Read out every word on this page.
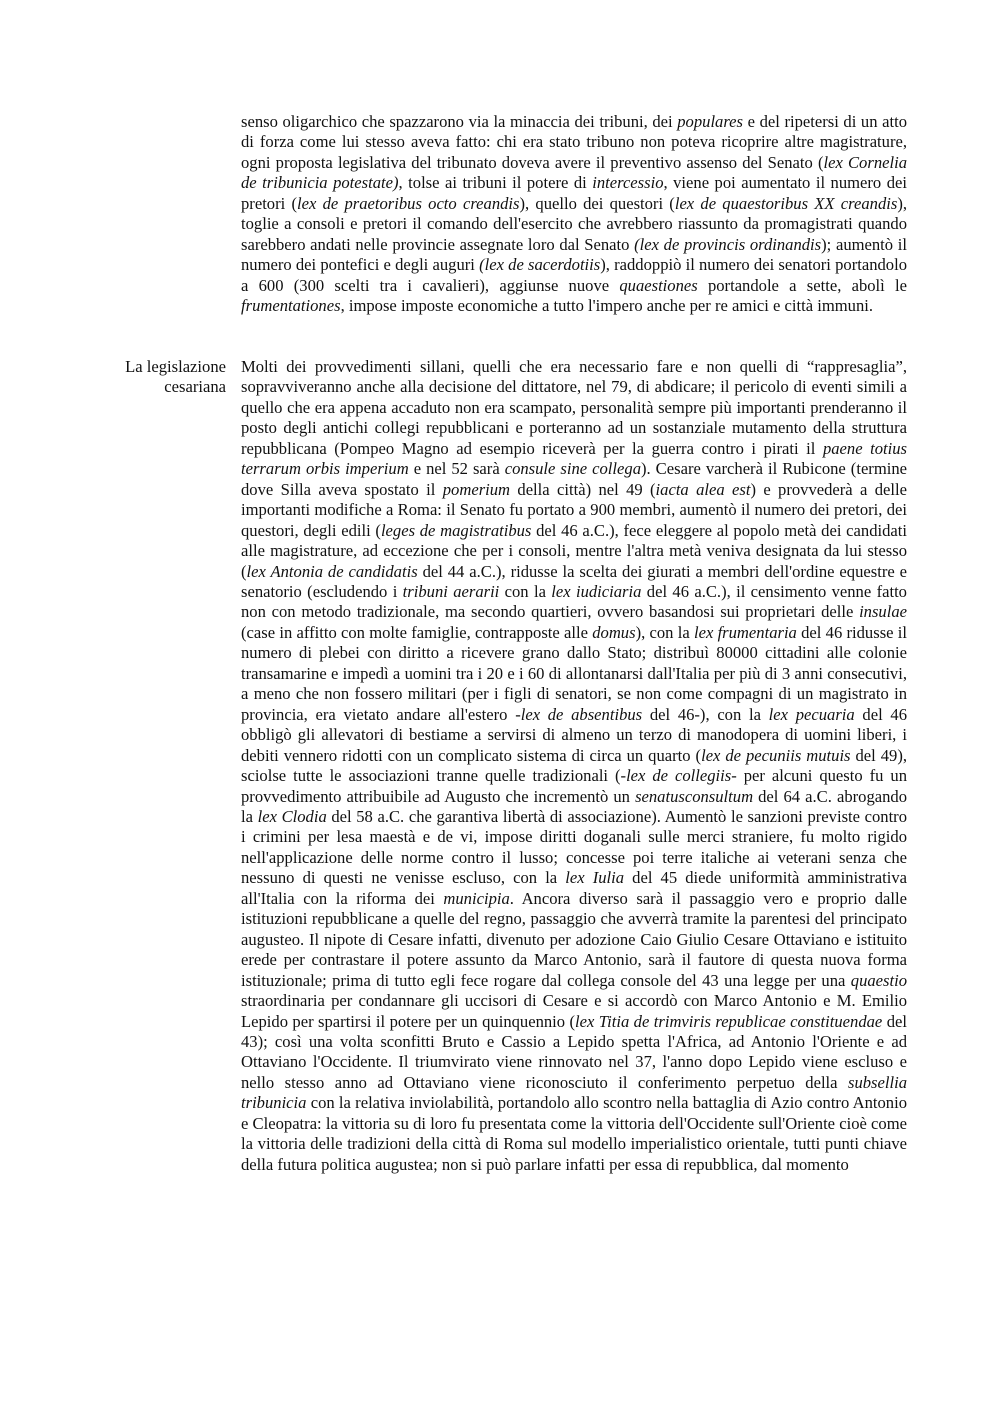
La legislazione
cesariana

senso oligarchico che spazzarono via la minaccia dei tribuni, dei populares e del ripetersi di un atto di forza come lui stesso aveva fatto: chi era stato tribuno non poteva ricoprire altre magistrature, ogni proposta legislativa del tribunato doveva avere il preventivo assenso del Senato (lex Cornelia de tribunicia potestate), tolse ai tribuni il potere di intercessio, viene poi aumentato il numero dei pretori (lex de praetoribus octo creandis), quello dei questori (lex de quaestoribus XX creandis), toglie a consoli e pretori il comando dell'esercito che avrebbero riassunto da promagistrati quando sarebbero andati nelle provincie assegnate loro dal Senato (lex de provincis ordinandis); aumentò il numero dei pontefici e degli auguri (lex de sacerdotiis), raddoppiò il numero dei senatori portandolo a 600 (300 scelti tra i cavalieri), aggiunse nuove quaestiones portandole a sette, abolì le frumentationes, impose imposte economiche a tutto l'impero anche per re amici e città immuni.

Molti dei provvedimenti sillani, quelli che era necessario fare e non quelli di “rappresaglia”, sopravviveranno anche alla decisione del dittatore, nel 79, di abdicare; il pericolo di eventi simili a quello che era appena accaduto non era scampato, personalità sempre più importanti prenderanno il posto degli antichi collegi repubblicani e porteranno ad un sostanziale mutamento della struttura repubblicana (Pompeo Magno ad esempio riceverà per la guerra contro i pirati il paene totius terrarum orbis imperium e nel 52 sarà consule sine collega). Cesare varcherà il Rubicone (termine dove Silla aveva spostato il pomerium della città) nel 49 (iacta alea est) e provvederà a delle importanti modifiche a Roma: il Senato fu portato a 900 membri, aumentò il numero dei pretori, dei questori, degli edili (leges de magistratibus del 46 a.C.), fece eleggere al popolo metà dei candidati alle magistrature, ad eccezione che per i consoli, mentre l'altra metà veniva designata da lui stesso (lex Antonia de candidatis del 44 a.C.), ridusse la scelta dei giurati a membri dell'ordine equestre e senatorio (escludendo i tribuni aerarii con la lex iudiciaria del 46 a.C.), il censimento venne fatto non con metodo tradizionale, ma secondo quartieri, ovvero basandosi sui proprietari delle insulae (case in affitto con molte famiglie, contrapposte alle domus), con la lex frumentaria del 46 ridusse il numero di plebei con diritto a ricevere grano dallo Stato; distribuì 80000 cittadini alle colonie transamarine e impedì a uomini tra i 20 e i 60 di allontanarsi dall'Italia per più di 3 anni consecutivi, a meno che non fossero militari (per i figli di senatori, se non come compagni di un magistrato in provincia, era vietato andare all'estero -lex de absentibus del 46-), con la lex pecuaria del 46 obbligò gli allevatori di bestiame a servirsi di almeno un terzo di manodopera di uomini liberi, i debiti vennero ridotti con un complicato sistema di circa un quarto (lex de pecuniis mutuis del 49), sciolse tutte le associazioni tranne quelle tradizionali (-lex de collegiis- per alcuni questo fu un provvedimento attribuibile ad Augusto che incrementò un senatusconsultum del 64 a.C. abrogando la lex Clodia del 58 a.C. che garantiva libertà di associazione). Aumentò le sanzioni previste contro i crimini per lesa maestà e de vi, impose diritti doganali sulle merci straniere, fu molto rigido nell'applicazione delle norme contro il lusso; concesse poi terre italiche ai veterani senza che nessuno di questi ne venisse escluso, con la lex Iulia del 45 diede uniformità amministrativa all'Italia con la riforma dei municipia. Ancora diverso sarà il passaggio vero e proprio dalle istituzioni repubblicane a quelle del regno, passaggio che avverrà tramite la parentesi del principato augusteo. Il nipote di Cesare infatti, divenuto per adozione Caio Giulio Cesare Ottaviano e istituito erede per contrastare il potere assunto da Marco Antonio, sarà il fautore di questa nuova forma istituzionale; prima di tutto egli fece rogare dal collega console del 43 una legge per una quaestio straordinaria per condannare gli uccisori di Cesare e si accordò con Marco Antonio e M. Emilio Lepido per spartirsi il potere per un quinquennio (lex Titia de trimviris republicae constituendae del 43); così una volta sconfitti Bruto e Cassio a Lepido spetta l'Africa, ad Antonio l'Oriente e ad Ottaviano l'Occidente. Il triumvirato viene rinnovato nel 37, l'anno dopo Lepido viene escluso e nello stesso anno ad Ottaviano viene riconosciuto il conferimento perpetuo della subsellia tribunicia con la relativa inviolabilità, portandolo allo scontro nella battaglia di Azio contro Antonio e Cleopatra: la vittoria su di loro fu presentata come la vittoria dell'Occidente sull'Oriente cioè come la vittoria delle tradizioni della città di Roma sul modello imperialistico orientale, tutti punti chiave della futura politica augustea; non si può parlare infatti per essa di repubblica, dal momento
